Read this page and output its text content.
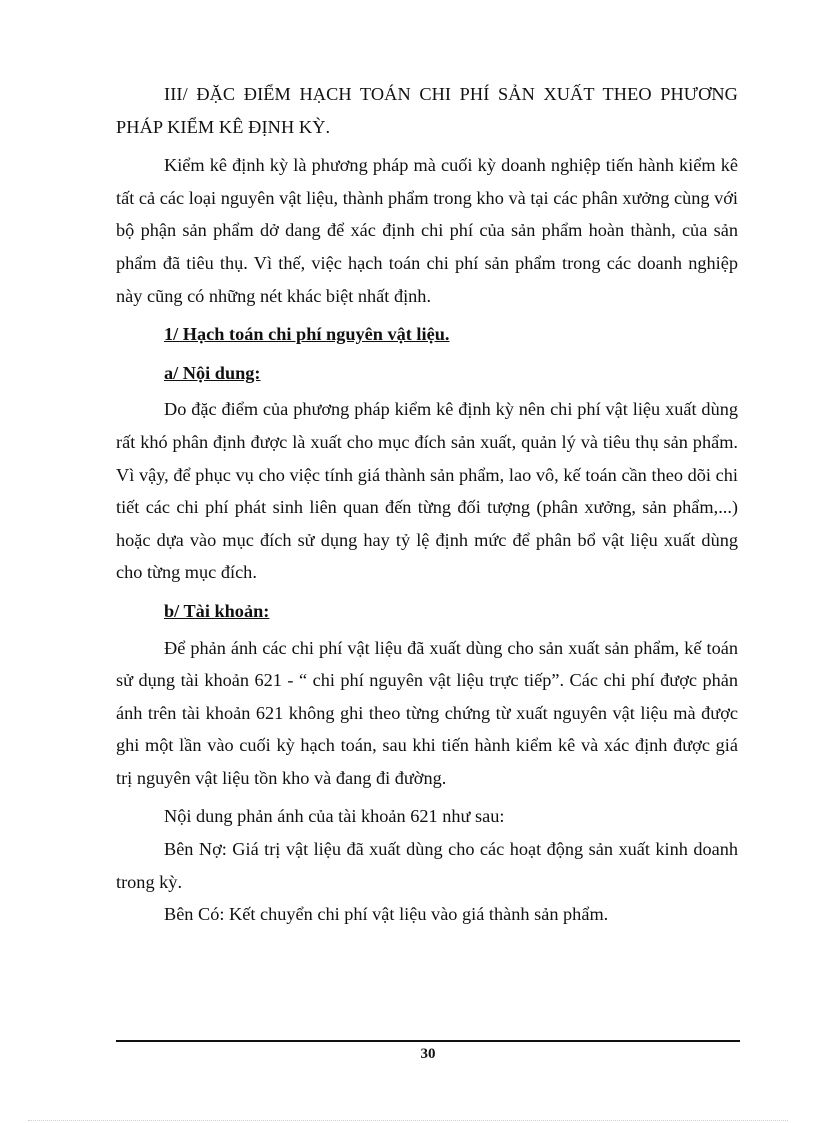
III/ ĐẶC ĐIỂM HẠCH TOÁN CHI PHÍ SẢN XUẤT THEO PHƯƠNG PHÁP KIỂM KÊ ĐỊNH KỲ.

Kiểm kê định kỳ là phương pháp mà cuối kỳ doanh nghiệp tiến hành kiểm kê tất cả các loại nguyên vật liệu, thành phẩm trong kho và tại các phân xưởng cùng với bộ phận sản phẩm dở dang để xác định chi phí của sản phẩm hoàn thành, của sản phẩm đã tiêu thụ. Vì thế, việc hạch toán chi phí sản phẩm trong các doanh nghiệp này cũng có những nét khác biệt nhất định.

1/ Hạch toán chi phí nguyên vật liệu.

a/ Nội dung:

Do đặc điểm của phương pháp kiểm kê định kỳ nên chi phí vật liệu xuất dùng rất khó phân định được là xuất cho mục đích sản xuất, quản lý và tiêu thụ sản phẩm. Vì vậy, để phục vụ cho việc tính giá thành sản phẩm, lao vô, kế toán cần theo dõi chi tiết các chi phí phát sinh liên quan đến từng đối tượng (phân xưởng, sản phẩm,...) hoặc dựa vào mục đích sử dụng hay tỷ lệ định mức để phân bổ vật liệu xuất dùng cho từng mục đích.

b/ Tài khoản:

Để phản ánh các chi phí vật liệu đã xuất dùng cho sản xuất sản phẩm, kế toán sử dụng tài khoản 621 - “ chi phí nguyên vật liệu trực tiếp”. Các chi phí được phản ánh trên tài khoản 621 không ghi theo từng chứng từ xuất nguyên vật liệu mà được ghi một lần vào cuối kỳ hạch toán, sau khi tiến hành kiểm kê và xác định được giá trị nguyên vật liệu tồn kho và đang đi đường.

Nội dung phản ánh của tài khoản 621 như sau:

Bên Nợ: Giá trị vật liệu đã xuất dùng cho các hoạt động sản xuất kinh doanh trong kỳ.

Bên Có: Kết chuyển chi phí vật liệu vào giá thành sản phẩm.

30
